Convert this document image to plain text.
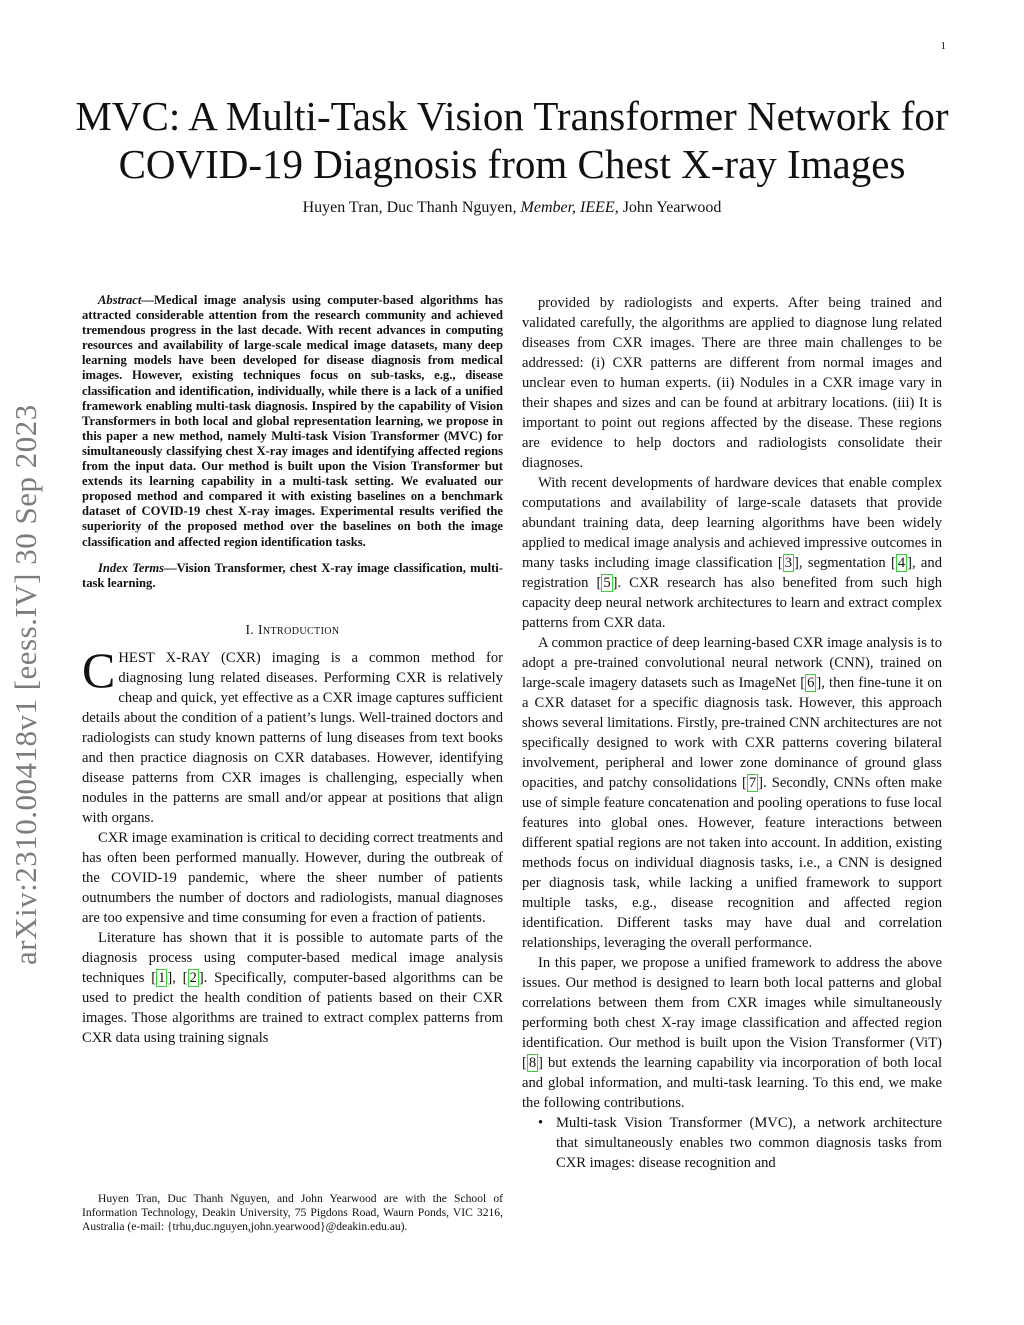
1
arXiv:2310.00418v1 [eess.IV] 30 Sep 2023
MVC: A Multi-Task Vision Transformer Network for COVID-19 Diagnosis from Chest X-ray Images
Huyen Tran, Duc Thanh Nguyen, Member, IEEE, John Yearwood

Abstract—Medical image analysis using computer-based algorithms has attracted considerable attention from the research community and achieved tremendous progress in the last decade. With recent advances in computing resources and availability of large-scale medical image datasets, many deep learning models have been developed for disease diagnosis from medical images. However, existing techniques focus on sub-tasks, e.g., disease classification and identification, individually, while there is a lack of a unified framework enabling multi-task diagnosis. Inspired by the capability of Vision Transformers in both local and global representation learning, we propose in this paper a new method, namely Multi-task Vision Transformer (MVC) for simultaneously classifying chest X-ray images and identifying affected regions from the input data. Our method is built upon the Vision Transformer but extends its learning capability in a multi-task setting. We evaluated our proposed method and compared it with existing baselines on a benchmark dataset of COVID-19 chest X-ray images. Experimental results verified the superiority of the proposed method over the baselines on both the image classification and affected region identification tasks.

Index Terms—Vision Transformer, chest X-ray image classification, multi-task learning.

I. Introduction

CHEST X-RAY (CXR) imaging is a common method for diagnosing lung related diseases. Performing CXR is relatively cheap and quick, yet effective as a CXR image captures sufficient details about the condition of a patient’s lungs. Well-trained doctors and radiologists can study known patterns of lung diseases from text books and then practice diagnosis on CXR databases. However, identifying disease patterns from CXR images is challenging, especially when nodules in the patterns are small and/or appear at positions that align with organs.

CXR image examination is critical to deciding correct treatments and has often been performed manually. However, during the outbreak of the COVID-19 pandemic, where the sheer number of patients outnumbers the number of doctors and radiologists, manual diagnoses are too expensive and time consuming for even a fraction of patients.

Literature has shown that it is possible to automate parts of the diagnosis process using computer-based medical image analysis techniques [ 1 ], [ 2 ]. Specifically, computer-based algorithms can be used to predict the health condition of patients based on their CXR images. Those algorithms are trained to extract complex patterns from CXR data using training signals

Huyen Tran, Duc Thanh Nguyen, and John Yearwood are with the School of Information Technology, Deakin University, 75 Pigdons Road, Waurn Ponds, VIC 3216, Australia (e-mail: {trhu,duc.nguyen,john.yearwood}@deakin.edu.au).

provided by radiologists and experts. After being trained and validated carefully, the algorithms are applied to diagnose lung related diseases from CXR images. There are three main challenges to be addressed: (i) CXR patterns are different from normal images and unclear even to human experts. (ii) Nodules in a CXR image vary in their shapes and sizes and can be found at arbitrary locations. (iii) It is important to point out regions affected by the disease. These regions are evidence to help doctors and radiologists consolidate their diagnoses.

With recent developments of hardware devices that enable complex computations and availability of large-scale datasets that provide abundant training data, deep learning algorithms have been widely applied to medical image analysis and achieved impressive outcomes in many tasks including image classification [ 3 ], segmentation [ 4 ], and registration [ 5 ]. CXR research has also benefited from such high capacity deep neural network architectures to learn and extract complex patterns from CXR data.

A common practice of deep learning-based CXR image analysis is to adopt a pre-trained convolutional neural network (CNN), trained on large-scale imagery datasets such as ImageNet [ 6 ], then fine-tune it on a CXR dataset for a specific diagnosis task. However, this approach shows several limitations. Firstly, pre-trained CNN architectures are not specifically designed to work with CXR patterns covering bilateral involvement, peripheral and lower zone dominance of ground glass opacities, and patchy consolidations [ 7 ]. Secondly, CNNs often make use of simple feature concatenation and pooling operations to fuse local features into global ones. However, feature interactions between different spatial regions are not taken into account. In addition, existing methods focus on individual diagnosis tasks, i.e., a CNN is designed per diagnosis task, while lacking a unified framework to support multiple tasks, e.g., disease recognition and affected region identification. Different tasks may have dual and correlation relationships, leveraging the overall performance.

In this paper, we propose a unified framework to address the above issues. Our method is designed to learn both local patterns and global correlations between them from CXR images while simultaneously performing both chest X-ray image classification and affected region identification. Our method is built upon the Vision Transformer (ViT) [ 8 ] but extends the learning capability via incorporation of both local and global information, and multi-task learning. To this end, we make the following contributions.

• Multi-task Vision Transformer (MVC), a network architecture that simultaneously enables two common diagnosis tasks from CXR images: disease recognition and
